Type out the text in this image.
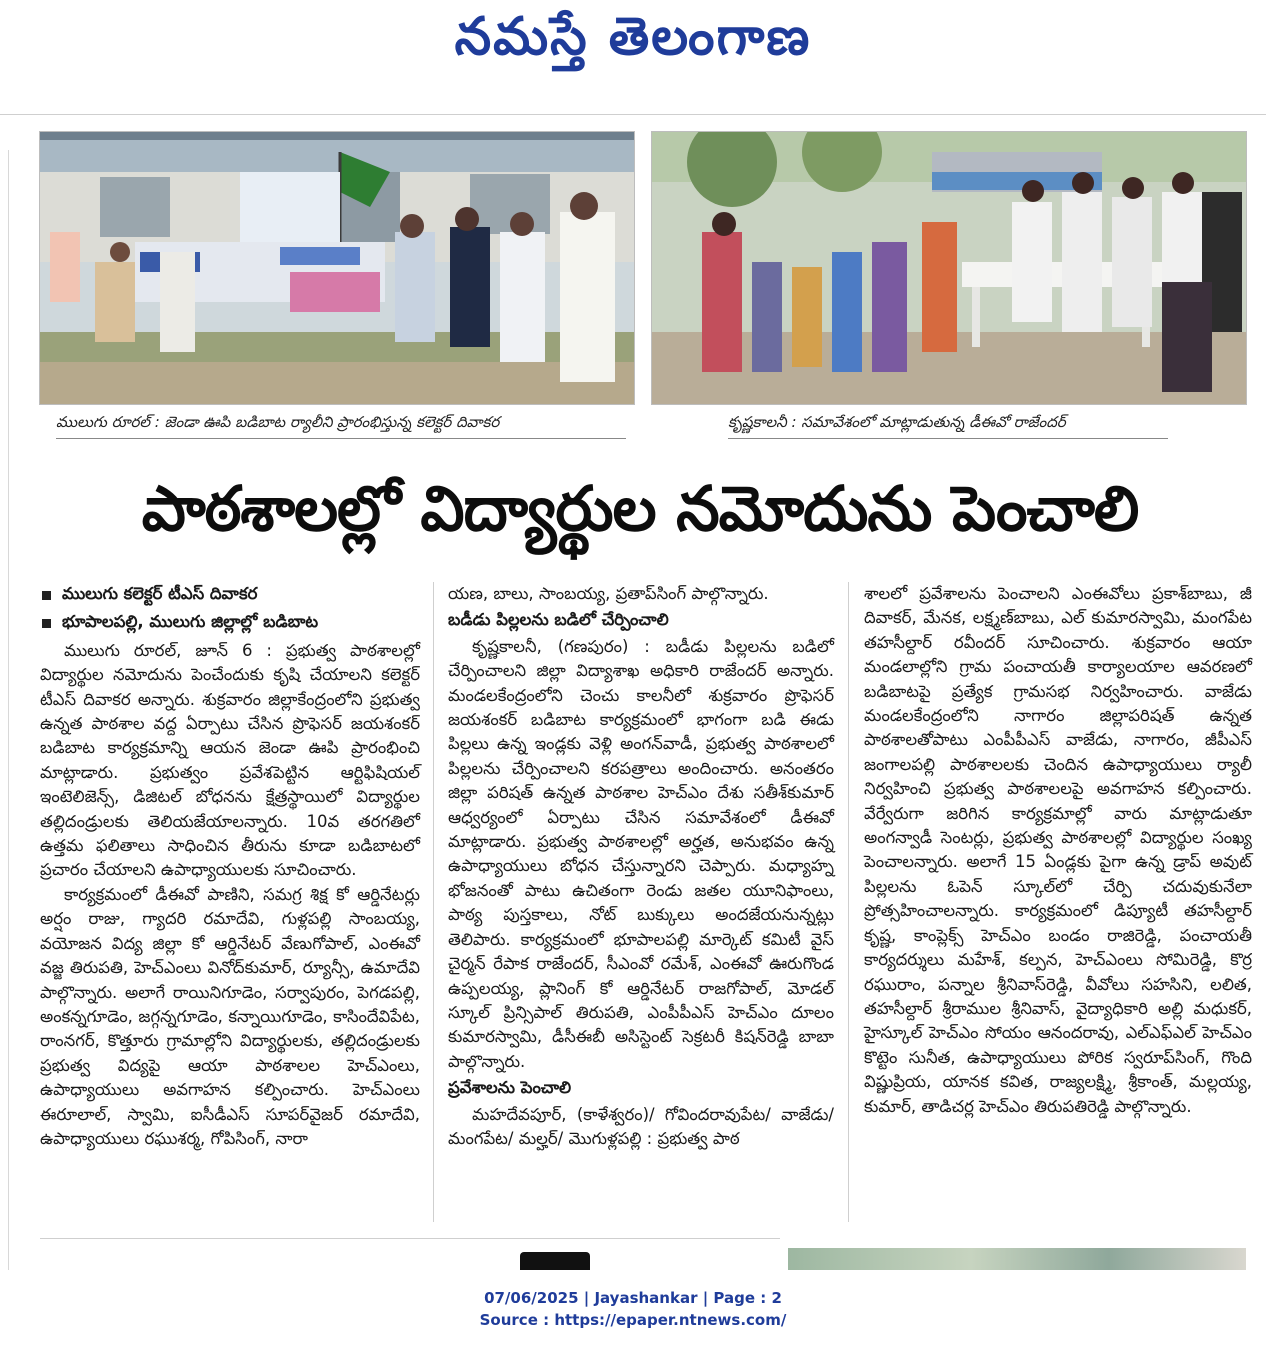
నమస్తే తెలంగాణ
ములుగు రూరల్ : జెండా ఊపి బడిబాట ర్యాలీని ప్రారంభిస్తున్న కలెక్టర్ దివాకర	కృష్ణకాలనీ : సమావేశంలో మాట్లాడుతున్న డీఈవో రాజేందర్
పాఠశాలల్లో విద్యార్థుల నమోదును పెంచాలి
ములుగు కలెక్టర్ టీఎస్ దివాకర
భూపాలపల్లి, ములుగు జిల్లాల్లో బడిబాట
ములుగు రూరల్, జూన్ 6 : ప్రభుత్వ పాఠశాలల్లో విద్యార్థుల నమోదును పెంచేందుకు కృషి చేయాలని కలెక్టర్ టీఎస్ దివాకర అన్నారు. శుక్రవారం జిల్లాకేంద్రంలోని ప్రభుత్వ ఉన్నత పాఠశాల వద్ద ఏర్పాటు చేసిన ప్రొఫెసర్ జయశంకర్ బడిబాట కార్యక్రమాన్ని ఆయన జెండా ఊపి ప్రారంభించి మాట్లాడారు. ప్రభుత్వం ప్రవేశపెట్టిన ఆర్టిఫిషియల్ ఇంటెలిజెన్స్, డిజిటల్ బోధనను క్షేత్రస్థాయిలో విద్యార్థుల తల్లిదండ్రులకు తెలియజేయాలన్నారు. 10వ తరగతిలో ఉత్తమ ఫలితాలు సాధించిన తీరును కూడా బడిబాటలో ప్రచారం చేయాలని ఉపాధ్యాయులకు సూచించారు.
కార్యక్రమంలో డీఈవో పాణిని, సమగ్ర శిక్ష కో ఆర్డినేటర్లు అర్షం రాజు, గ్యాదరి రమాదేవి, గుళ్లపల్లి సాంబయ్య, వయోజన విద్య జిల్లా కో ఆర్డినేటర్ వేణుగోపాల్, ఎంఈవో వజ్జ తిరుపతి, హెచ్ఎంలు వినోద్‌కుమార్, ర్యూన్సీ, ఉమాదేవి పాల్గొన్నారు. అలాగే రాయినిగూడెం, సర్వాపురం, పెగడపల్లి, అంకన్నగూడెం, జగ్గన్నగూడెం, కన్నాయిగూడెం, కాసిందేవిపేట, రాంనగర్, కొత్తూరు గ్రామాల్లోని విద్యార్థులకు, తల్లిదండ్రులకు ప్రభుత్వ విద్యపై ఆయా పాఠశాలల హెచ్ఎంలు, ఉపాధ్యాయులు అవగాహన కల్పించారు. హెచ్ఎంలు ఈరూలాల్, స్వామి, ఐసీడీఎస్ సూపర్‌వైజర్ రమాదేవి, ఉపాధ్యాయులు రఘుశర్మ, గోపిసింగ్, నారా
యణ, బాలు, సాంబయ్య, ప్రతాప్‌సింగ్ పాల్గొన్నారు.
బడీడు పిల్లలను బడిలో చేర్పించాలి
కృష్ణకాలనీ, (గణపురం) : బడీడు పిల్లలను బడిలో చేర్పించాలని జిల్లా విద్యాశాఖ అధికారి రాజేందర్ అన్నారు. మండలకేంద్రంలోని చెంచు కాలనీలో శుక్రవారం ప్రొఫెసర్ జయశంకర్ బడిబాట కార్యక్రమంలో భాగంగా బడి ఈడు పిల్లలు ఉన్న ఇండ్లకు వెళ్లి అంగన్‌వాడీ, ప్రభుత్వ పాఠశాలలో పిల్లలను చేర్పించాలని కరపత్రాలు అందించారు. అనంతరం జిల్లా పరిషత్ ఉన్నత పాఠశాల హెచ్ఎం దేశు సతీశ్‌కుమార్ ఆధ్వర్యంలో ఏర్పాటు చేసిన సమావేశంలో డీఈవో మాట్లాడారు. ప్రభుత్వ పాఠశాలల్లో అర్హత, అనుభవం ఉన్న ఉపాధ్యాయులు బోధన చేస్తున్నారని చెప్పారు. మధ్యాహ్న భోజనంతో పాటు ఉచితంగా రెండు జతల యూనిఫాంలు, పాఠ్య పుస్తకాలు, నోట్ బుక్కులు అందజేయనున్నట్లు తెలిపారు. కార్యక్రమంలో భూపాలపల్లి మార్కెట్ కమిటీ వైస్ చైర్మన్ రేపాక రాజేందర్, సీఎంవో రమేశ్, ఎంఈవో ఊరుగొండ ఉప్పలయ్య, ప్లానింగ్ కో ఆర్డినేటర్ రాజగోపాల్, మోడల్ స్కూల్ ప్రిన్సిపాల్ తిరుపతి, ఎంపీపీఎస్ హెచ్ఎం దూలం కుమారస్వామి, డీసీఈబీ అసిస్టెంట్ సెక్రటరీ కిషన్‌రెడ్డి బాబా పాల్గొన్నారు.
ప్రవేశాలను పెంచాలి
మహదేవపూర్, (కాళేశ్వరం)/ గోవిందరావుపేట/ వాజేడు/ మంగపేట/ మల్హర్/ మొగుళ్లపల్లి : ప్రభుత్వ పాఠ
శాలలో ప్రవేశాలను పెంచాలని ఎంఈవోలు ప్రకాశ్‌బాబు, జీ దివాకర్, మేనక, లక్ష్మణ్‌బాబు, ఎల్ కుమారస్వామి, మంగపేట తహసీల్దార్ రవీందర్ సూచించారు. శుక్రవారం ఆయా మండలాల్లోని గ్రామ పంచాయతీ కార్యాలయాల ఆవరణలో బడిబాటపై ప్రత్యేక గ్రామసభ నిర్వహించారు. వాజేడు మండలకేంద్రంలోని నాగారం జిల్లాపరిషత్ ఉన్నత పాఠశాలతోపాటు ఎంపీపీఎస్ వాజేడు, నాగారం, జీపీఎస్ జంగాలపల్లి పాఠశాలలకు చెందిన ఉపాధ్యాయులు ర్యాలీ నిర్వహించి ప్రభుత్వ పాఠశాలలపై అవగాహన కల్పించారు. వేర్వేరుగా జరిగిన కార్యక్రమాల్లో వారు మాట్లాడుతూ అంగన్వాడీ సెంటర్లు, ప్రభుత్వ పాఠశాలల్లో విద్యార్థుల సంఖ్య పెంచాలన్నారు. అలాగే 15 ఏండ్లకు పైగా ఉన్న డ్రాప్ అవుట్ పిల్లలను ఓపెన్ స్కూల్‌లో చేర్పి చదువుకునేలా ప్రోత్సహించాలన్నారు. కార్యక్రమంలో డిప్యూటీ తహసీల్దార్ కృష్ణ, కాంప్లెక్స్ హెచ్ఎం బండం రాజిరెడ్డి, పంచాయతీ కార్యదర్శులు మహేశ్, కల్పన, హెచ్ఎంలు సోమిరెడ్డి, కొర్ర రఘురాం, పన్నాల శ్రీనివాస్‌రెడ్డి, వీవోలు సహసిని, లలిత, తహసీల్దార్ శ్రీరాముల శ్రీనివాస్, వైద్యాధికారి అల్లి మధుకర్, హైస్కూల్ హెచ్ఎం సోయం ఆనందరావు, ఎల్ఎఫ్ఎల్ హెచ్ఎం కొట్టెం సునీత, ఉపాధ్యాయులు పోరిక స్వరూప్‌సింగ్, గొంది విష్ణుప్రియ, యానక కవిత, రాజ్యలక్ష్మి, శ్రీకాంత్, మల్లయ్య, కుమార్, తాడిచర్ల హెచ్ఎం తిరుపతిరెడ్డి పాల్గొన్నారు.
07/06/2025 | Jayashankar | Page : 2
Source : https://epaper.ntnews.com/
